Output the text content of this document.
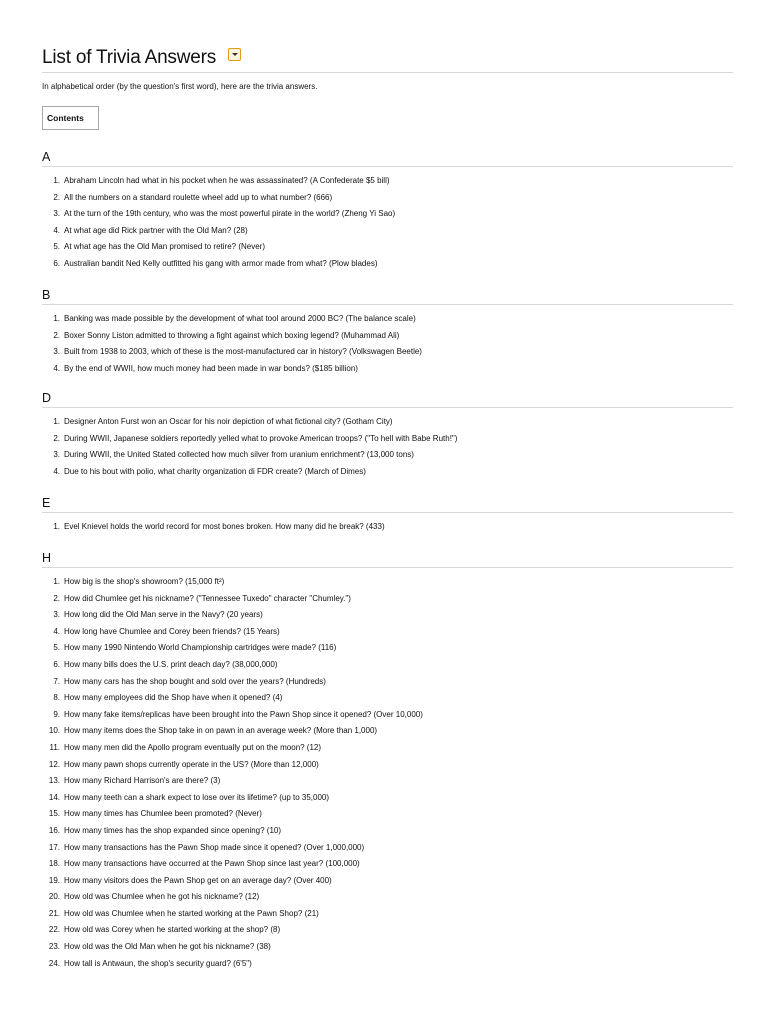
List of Trivia Answers
In alphabetical order (by the question's first word), here are the trivia answers.
Contents
A
1. Abraham Lincoln had what in his pocket when he was assassinated? (A Confederate $5 bill)
2. All the numbers on a standard roulette wheel add up to what number? (666)
3. At the turn of the 19th century, who was the most powerful pirate in the world? (Zheng Yi Sao)
4. At what age did Rick partner with the Old Man? (28)
5. At what age has the Old Man promised to retire? (Never)
6. Australian bandit Ned Kelly outfitted his gang with armor made from what? (Plow blades)
B
1. Banking was made possible by the development of what tool around 2000 BC? (The balance scale)
2. Boxer Sonny Liston admitted to throwing a fight against which boxing legend? (Muhammad Ali)
3. Built from 1938 to 2003, which of these is the most-manufactured car in history? (Volkswagen Beetle)
4. By the end of WWII, how much money had been made in war bonds? ($185 billion)
D
1. Designer Anton Furst won an Oscar for his noir depiction of what fictional city? (Gotham City)
2. During WWII, Japanese soldiers reportedly yelled what to provoke American troops? ("To hell with Babe Ruth!")
3. During WWII, the United Stated collected how much silver from uranium enrichment? (13,000 tons)
4. Due to his bout with polio, what charity organization di FDR create? (March of Dimes)
E
1. Evel Knievel holds the world record for most bones broken. How many did he break? (433)
H
1. How big is the shop's showroom? (15,000 ft²)
2. How did Chumlee get his nickname? ("Tennessee Tuxedo" character "Chumley.")
3. How long did the Old Man serve in the Navy? (20 years)
4. How long have Chumlee and Corey been friends? (15 Years)
5. How many 1990 Nintendo World Championship cartridges were made? (116)
6. How many bills does the U.S. print deach day? (38,000,000)
7. How many cars has the shop bought and sold over the years? (Hundreds)
8. How many employees did the Shop have when it opened? (4)
9. How many fake items/replicas have been brought into the Pawn Shop since it opened? (Over 10,000)
10. How many items does the Shop take in on pawn in an average week? (More than 1,000)
11. How many men did the Apollo program eventually put on the moon? (12)
12. How many pawn shops currently operate in the US? (More than 12,000)
13. How many Richard Harrison's are there? (3)
14. How many teeth can a shark expect to lose over its lifetime? (up to 35,000)
15. How many times has Chumlee been promoted? (Never)
16. How many times has the shop expanded since opening? (10)
17. How many transactions has the Pawn Shop made since it opened? (Over 1,000,000)
18. How many transactions have occurred at the Pawn Shop since last year? (100,000)
19. How many visitors does the Pawn Shop get on an average day? (Over 400)
20. How old was Chumlee when he got his nickname? (12)
21. How old was Chumlee when he started working at the Pawn Shop? (21)
22. How old was Corey when he started working at the shop? (8)
23. How old was the Old Man when he got his nickname? (38)
24. How tall is Antwaun, the shop's security guard? (6'5")
